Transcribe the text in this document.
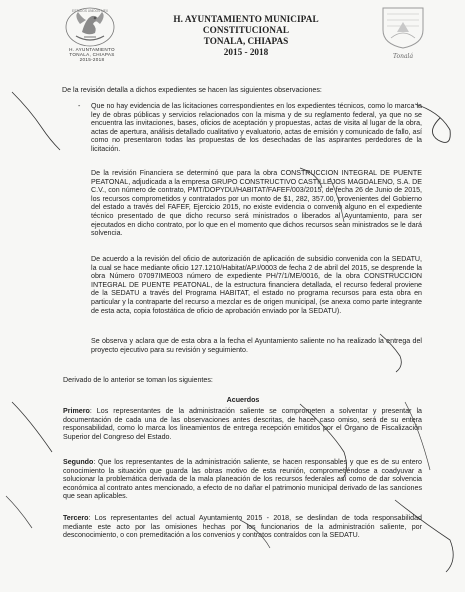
ESTADOS UNIDOS MEX
H. AYUNTAMIENTO
TONALA, CHIAPAS
2015-2018
H. AYUNTAMIENTO MUNICIPAL CONSTITUCIONAL
TONALA, CHIAPAS
2015 - 2018	Tonalá
De la revisión detalla a dichos expedientes se hacen las siguientes observaciones:
- Que no hay evidencia de las licitaciones correspondientes en los expedientes técnicos, como lo marca la ley de obras públicas y servicios relacionados con la misma y de su reglamento federal, ya que no se encuentra las invitaciones, bases, oficios de aceptación y propuestas, actas de visita al lugar de la obra, actas de apertura, análisis detallado cualitativo y evaluatorio, actas de emisión y comunicado de fallo, así como no presentaron todas las propuestas de los desechadas de las aspirantes perdedores de la licitación.
De la revisión Financiera se determinó que para la obra CONSTRUCCION INTEGRAL DE PUENTE PEATONAL, adjudicada a la empresa GRUPO CONSTRUCTIVO CASTILLEJOS MAGDALENO, S.A. DE C.V., con número de contrato, PMT/DOPYDU/HABITAT/FAFEF/003/2015, de fecha 26 de Junio de 2015, los recursos comprometidos y contratados por un monto de $1, 282, 357.00, provenientes del Gobierno del estado a través del FAFEF, Ejercicio 2015, no existe evidencia o convenio alguno en el expediente técnico presentado de que dicho recurso será ministrados o liberados al Ayuntamiento, para ser ejecutados en dicho contrato, por lo que en el momento que dichos recursos sean ministrados se le dará solvencia.
De acuerdo a la revisión del oficio de autorización de aplicación de subsidio convenida con la SEDATU, la cual se hace mediante oficio 127.1210/Habitat/AP.I/0003 de fecha 2 de abril del 2015, se desprende la obra Número 07097IME003 número de expediente PH/7/1/ME/0016, de la obra CONSTRUCCION INTEGRAL DE PUENTE PEATONAL, de la estructura financiera detallada, el recurso federal proviene de la SEDATU a través del Programa HABITAT, el estado no programa recursos para esta obra en particular y la contraparte del recurso a mezclar es de origen municipal, (se anexa como parte integrante de esta acta, copia fotostática de oficio de aprobación enviado por la SEDATU).
Se observa y aclara que de esta obra a la fecha el Ayuntamiento saliente no ha realizado la entrega del proyecto ejecutivo para su revisión y seguimiento.
Derivado de lo anterior se toman los siguientes:
Acuerdos
Primero: Los representantes de la administración saliente se comprometen a solventar y presentar la documentación de cada una de las observaciones antes descritas, de hacer caso omiso, será de su entera responsabilidad, como lo marca los lineamientos de entrega recepción emitidos por el Órgano de Fiscalización Superior del Congreso del Estado.
Segundo: Que los representantes de la administración saliente, se hacen responsables y que es de su entero conocimiento la situación que guarda las obras motivo de esta reunión, comprometiéndose a coadyuvar a solucionar la problemática derivada de la mala planeación de los recursos federales así como de dar solvencia económica al contrato antes mencionado, a efecto de no dañar el patrimonio municipal derivado de las sanciones que sean aplicables.
Tercero: Los representantes del actual Ayuntamiento 2015 - 2018, se deslindan de toda responsabilidad mediante este acto por las omisiones hechas por los funcionarios de la administración saliente, por desconocimiento, o con premeditación a los convenios y contratos contraídos con la SEDATU.
